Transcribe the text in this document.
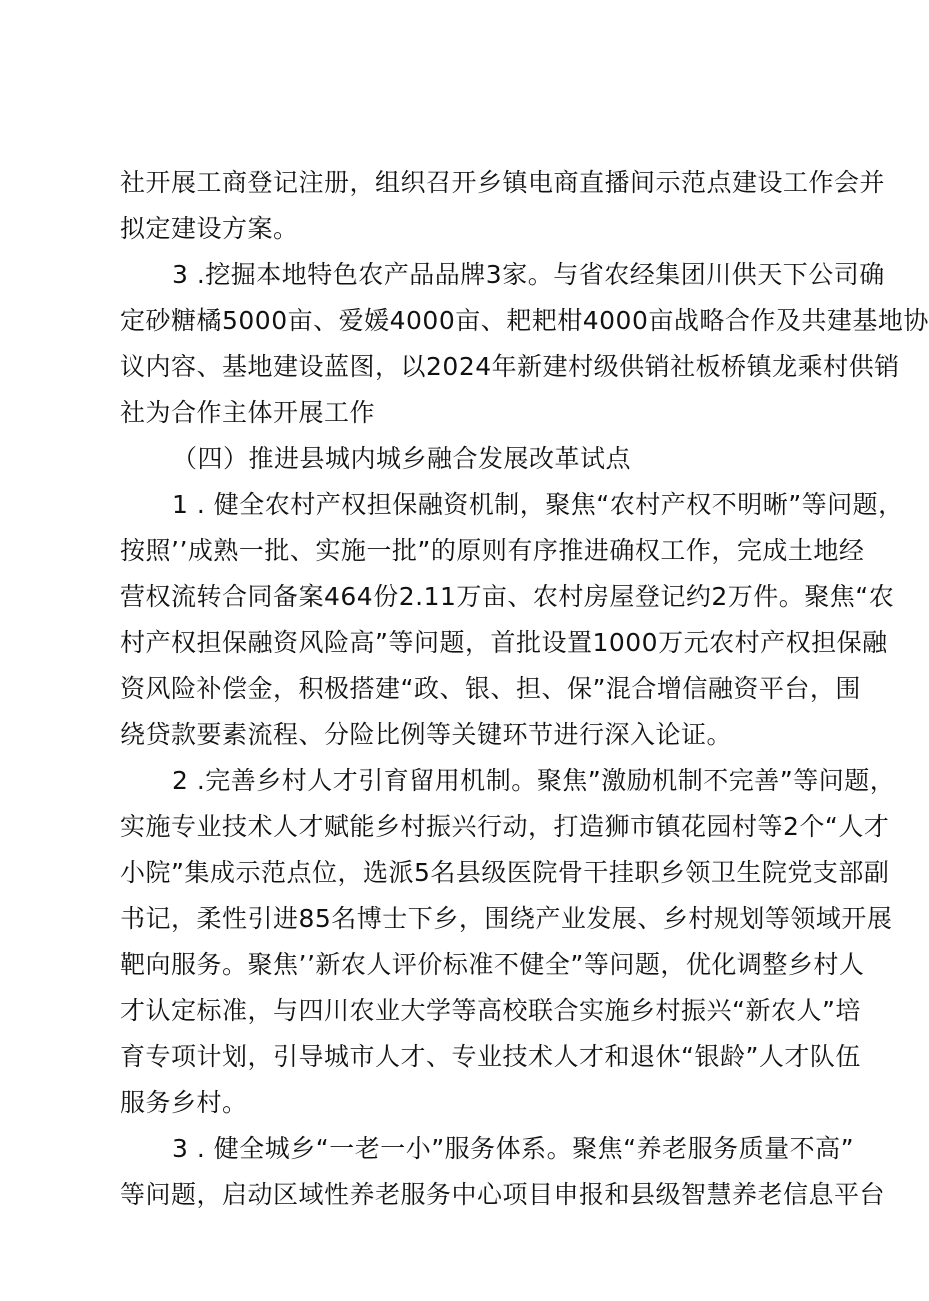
社开展工商登记注册，组织召开乡镇电商直播间示范点建设工作会并
拟定建设方案。
3 .挖掘本地特色农产品品牌3家。与省农经集团川供天下公司确
定砂糖橘5000亩、爱媛4000亩、耙耙柑4000亩战略合作及共建基地协
议内容、基地建设蓝图，以2024年新建村级供销社板桥镇龙乘村供销
社为合作主体开展工作
（四）推进县城内城乡融合发展改革试点
1 . 健全农村产权担保融资机制，聚焦“农村产权不明晰”等问题，
按照’’成熟一批、实施一批”的原则有序推进确权工作，完成土地经
营权流转合同备案464份2.11万亩、农村房屋登记约2万件。聚焦“农
村产权担保融资风险高”等问题，首批设置1000万元农村产权担保融
资风险补偿金，积极搭建“政、银、担、保”混合增信融资平台，围
绕贷款要素流程、分险比例等关键环节进行深入论证。
2 .完善乡村人才引育留用机制。聚焦”激励机制不完善”等问题，
实施专业技术人才赋能乡村振兴行动，打造狮市镇花园村等2个“人才
小院”集成示范点位，选派5名县级医院骨干挂职乡领卫生院党支部副
书记，柔性引进85名博士下乡，围绕产业发展、乡村规划等领域开展
靶向服务。聚焦’’新农人评价标准不健全”等问题，优化调整乡村人
才认定标准，与四川农业大学等高校联合实施乡村振兴“新农人”培
育专项计划，引导城市人才、专业技术人才和退休“银龄”人才队伍
服务乡村。
3 . 健全城乡“一老一小”服务体系。聚焦“养老服务质量不高”
等问题，启动区域性养老服务中心项目申报和县级智慧养老信息平台
